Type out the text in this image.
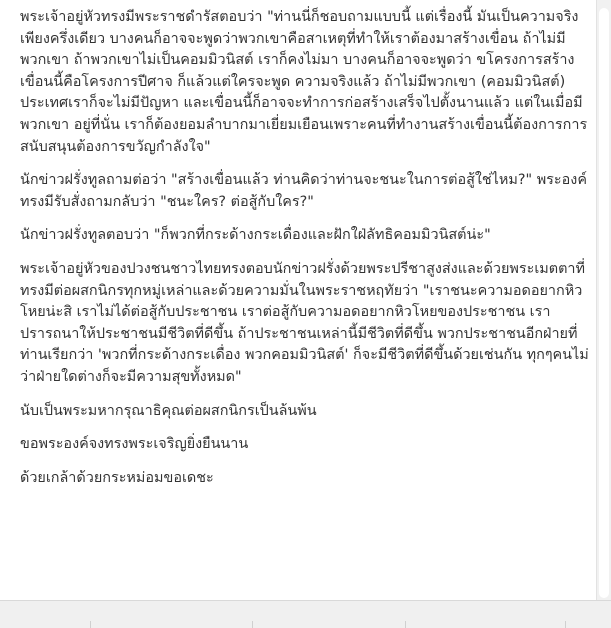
พระเจ้าอยู่หัวทรงมีพระราชดำรัสตอบว่า "ท่านนี่ก็ชอบถามแบบนี้ แต่เรื่องนี้ มันเป็นความจริงเพียงครึ่งเดียว บางคนก็อาจจะพูดว่าพวกเขาคือสาเหตุที่ทำให้เราต้องมาสร้างเขื่อน ถ้าไม่มีพวกเขา ถ้าพวกเขาไม่เป็นคอมมิวนิสต์ เราก็คงไม่มา บางคนก็อาจจะพูดว่า ขโครงการสร้างเขื่อนนี้คือโครงการปีศาจ ก็แล้วแต่ใครจะพูด ความจริงแล้ว ถ้าไม่มีพวกเขา (คอมมิวนิสต์) ประเทศเราก็จะไม่มีปัญหา และเขื่อนนี้ก็อาจจะทำการก่อสร้างเสร็จไปตั้งนานแล้ว แต่ในเมื่อมีพวกเขา อยู่ที่นั่น เราก็ต้องยอมลำบากมาเยี่ยมเยือนเพราะคนที่ทำงานสร้างเขื่อนนี้ต้องการการสนับสนุนต้องการขวัญกำลังใจ"

นักข่าวฝรั่งทูลถามต่อว่า "สร้างเขื่อนแล้ว ท่านคิดว่าท่านจะชนะในการต่อสู้ใช่ไหม?" พระองค์ทรงมีรับสั่งถามกลับว่า "ชนะใคร? ต่อสู้กับใคร?"

นักข่าวฝรั่งทูลตอบว่า "ก็พวกที่กระด้างกระเดื่องและฝักใฝ่ลัทธิคอมมิวนิสต์น่ะ"

พระเจ้าอยู่หัวของปวงชนชาวไทยทรงตอบนักข่าวฝรั่งด้วยพระปรีชาสูงส่งและด้วยพระเมตตาที่ทรงมีต่อผสกนิกรทุกหมู่เหล่าและด้วยความมั่นในพระราชหฤทัยว่า "เราชนะความอดอยากหิวโหยน่ะสิ เราไม่ได้ต่อสู้กับประชาชน เราต่อสู้กับความอดอยากหิวโหยของประชาชน เราปรารถนาให้ประชาชนมีชีวิตที่ดีขึ้น ถ้าประชาชนเหล่านี้มีชีวิตที่ดีขึ้น พวกประชาชนอีกฝ่ายที่ท่านเรียกว่า 'พวกที่กระด้างกระเดื่อง พวกคอมมิวนิสต์' ก็จะมีชีวิตที่ดีขึ้นด้วยเช่นกัน ทุกๆคนไม่ว่าฝ่ายใดต่างก็จะมีความสุขทั้งหมด"

นับเป็นพระมหากรุณาธิคุณต่อผสกนิกรเป็นล้นพ้น

ขอพระองค์จงทรงพระเจริญยิ่งยืนนาน

ด้วยเกล้าด้วยกระหม่อมขอเดชะ
